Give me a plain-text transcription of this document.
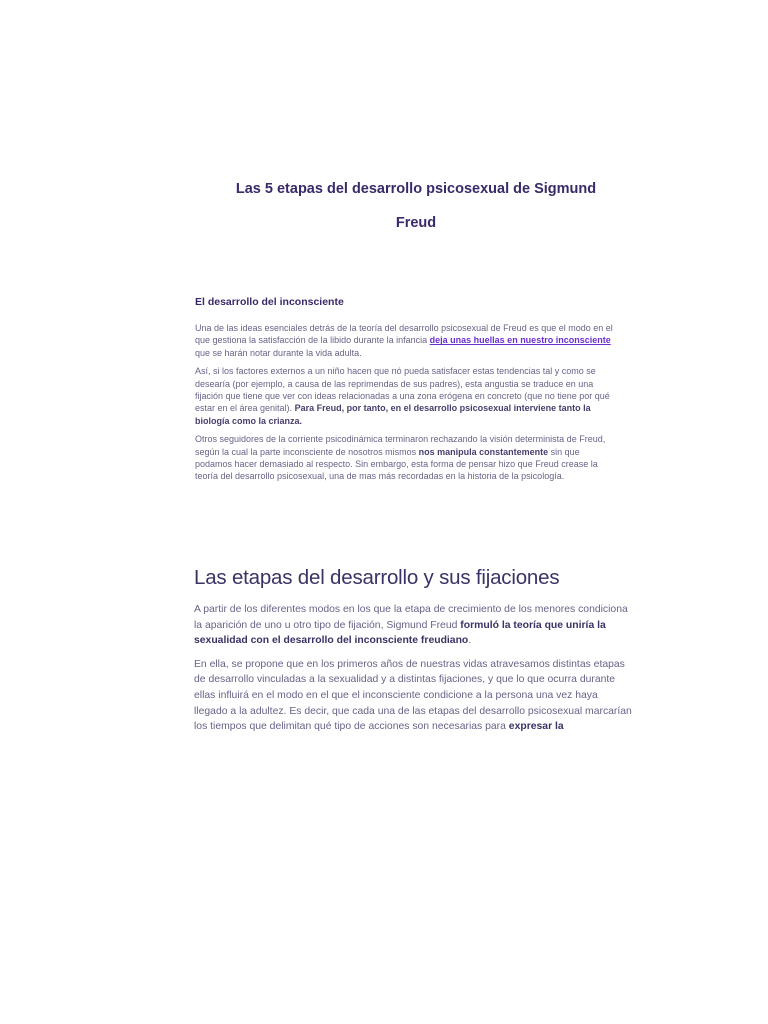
Las 5 etapas del desarrollo psicosexual de Sigmund
Freud
El desarrollo del inconsciente

Una de las ideas esenciales detrás de la teoría del desarrollo psicosexual de Freud es que el modo en el que gestiona la satisfacción de la libido durante la infancia deja unas huellas en nuestro inconsciente que se harán notar durante la vida adulta.

Así, si los factores externos a un niño hacen que nó pueda satisfacer estas tendencias tal y como se desearía (por ejemplo, a causa de las reprimendas de sus padres), esta angustia se traduce en una fijación que tiene que ver con ideas relacionadas a una zona erógena en concreto (que no tiene por qué estar en el área genital). Para Freud, por tanto, en el desarrollo psicosexual interviene tanto la biología como la crianza.

Otros seguidores de la corriente psicodinámica terminaron rechazando la visión determinista de Freud, según la cual la parte inconsciente de nosotros mismos nos manipula constantemente sin que podamos hacer demasiado al respecto. Sin embargo, esta forma de pensar hizo que Freud crease la teoría del desarrollo psicosexual, una de mas más recordadas en la historia de la psicología.

Las etapas del desarrollo y sus fijaciones

A partir de los diferentes modos en los que la etapa de crecimiento de los menores condiciona la aparición de uno u otro tipo de fijación, Sigmund Freud formuló la teoría que uniría la sexualidad con el desarrollo del inconsciente freudiano.

En ella, se propone que en los primeros años de nuestras vidas atravesamos distintas etapas de desarrollo vinculadas a la sexualidad y a distintas fijaciones, y que lo que ocurra durante ellas influirá en el modo en el que el inconsciente condicione a la persona una vez haya llegado a la adultez. Es decir, que cada una de las etapas del desarrollo psicosexual marcarían los tiempos que delimitan qué tipo de acciones son necesarias para expresar la
